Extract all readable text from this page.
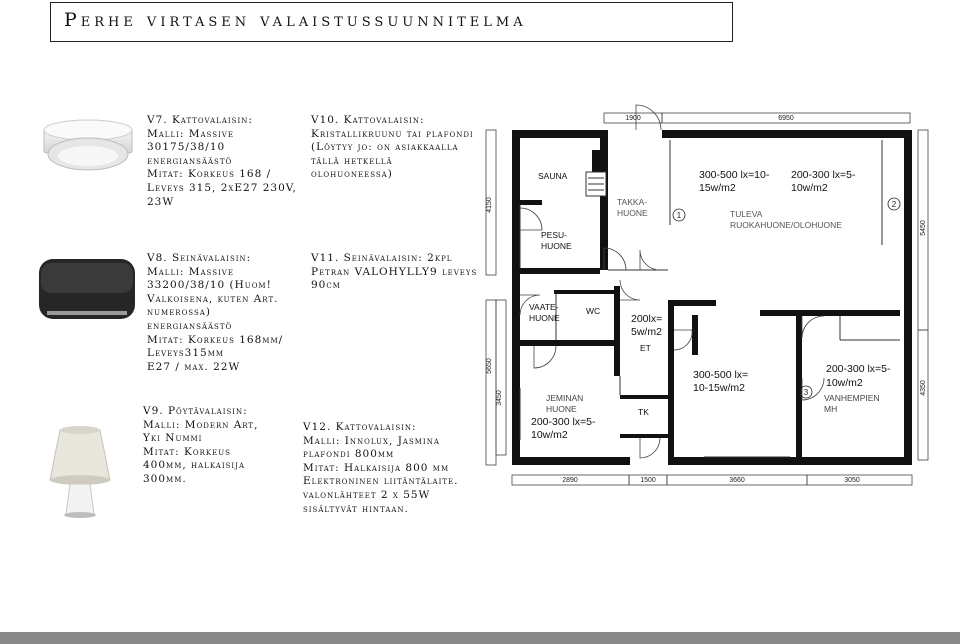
Perhe virtasen valaistussuunnitelma
V7. Kattovalaisin:
Malli: Massive
30175/38/10
energiansäästö
Mitat: Korkeus 168 /
Leveys 315, 2xE27 230V,
23W
V8. Seinävalaisin:
Malli: Massive
33200/38/10 (Huom!
Valkoisena, kuten Art.
numerossa)
energiansäästö
Mitat: Korkeus 168mm/
Leveys315mm
E27 / max. 22W
V9. Pöytävalaisin:
Malli: Modern Art,
Yki Nummi
Mitat: Korkeus
400mm, halkaisija
300mm.
V10. Kattovalaisin:
Kristallikruunu tai plafondi
(Löytyy jo: on asiakkaalla
tällä hetkellä
olohuoneessa)
V11. Seinävalaisin: 2kpl
Petran VALOHYLLY9 leveys
90cm
V12. Kattovalaisin:
Malli: Innolux, Jasmina
plafondi 800mm
Mitat: Halkaisija 800 mm
Elektroninen liitäntälaite.
valonlähteet 2 x 55W
sisältyvät hintaan.
1900	6950
4150
5650
3450
5450
4350
2890	1500	3660	3050
SAUNA
TAKKA-
HUONE
PESU-
HUONE
TULEVA
RUOKAHUONE/OLOHUONE
VAATE-
HUONE
WC
ET
TK
JEMINAN
HUONE
VANHEMPIEN
MH
300-500 lx=10-
15w/m2
200-300 lx=5-
10w/m2
200lx=
5w/m2
300-500 lx=
10-15w/m2
200-300 lx=5-
10w/m2
200-300 lx=5-
10w/m2
1
2
3
